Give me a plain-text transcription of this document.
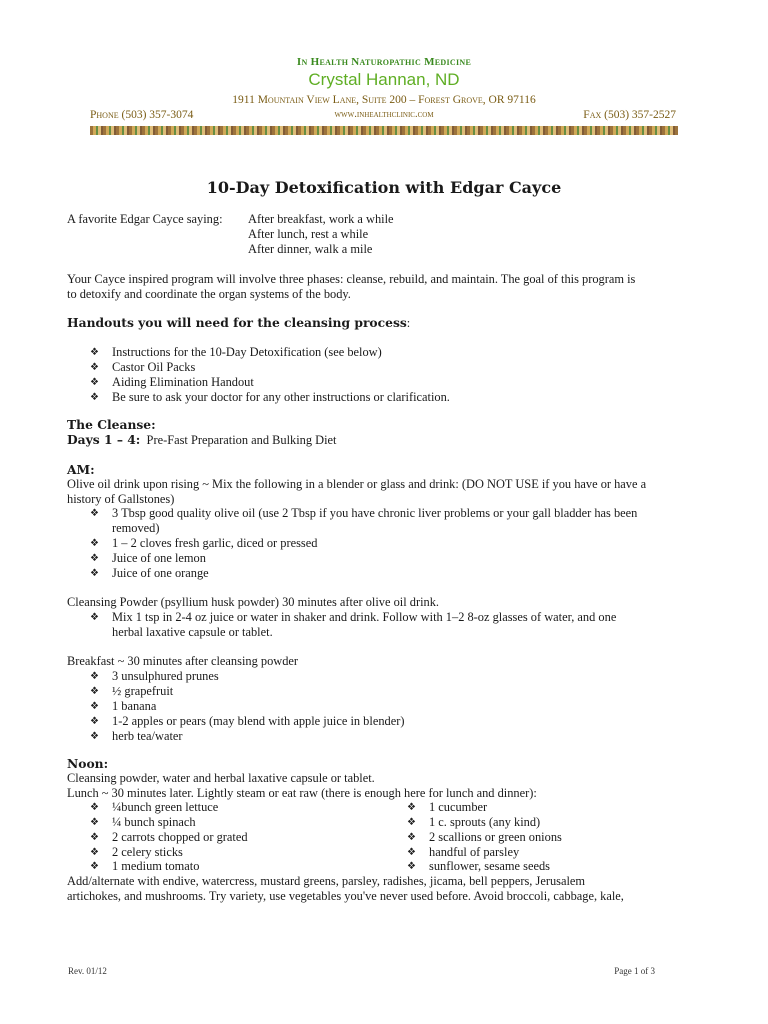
In Health Naturopathic Medicine
Crystal Hannan, ND
1911 Mountain View Lane, Suite 200 – Forest Grove, OR 97116
Phone (503) 357-3074	www.inhealthclinic.com	Fax (503) 357-2527
10-Day Detoxification with Edgar Cayce
A favorite Edgar Cayce saying: After breakfast, work a while
After lunch, rest a while
After dinner, walk a mile
Your Cayce inspired program will involve three phases: cleanse, rebuild, and maintain. The goal of this program is
to detoxify and coordinate the organ systems of the body.
Handouts you will need for the cleansing process:
❖ Instructions for the 10-Day Detoxification (see below)
❖ Castor Oil Packs
❖ Aiding Elimination Handout
❖ Be sure to ask your doctor for any other instructions or clarification.
The Cleanse:
Days 1 – 4: Pre-Fast Preparation and Bulking Diet
AM:
Olive oil drink upon rising ~ Mix the following in a blender or glass and drink: (DO NOT USE if you have or have a
history of Gallstones)
❖ 3 Tbsp good quality olive oil (use 2 Tbsp if you have chronic liver problems or your gall bladder has been
removed)
❖ 1 – 2 cloves fresh garlic, diced or pressed
❖ Juice of one lemon
❖ Juice of one orange
Cleansing Powder (psyllium husk powder) 30 minutes after olive oil drink.
❖ Mix 1 tsp in 2-4 oz juice or water in shaker and drink. Follow with 1–2 8-oz glasses of water, and one
herbal laxative capsule or tablet.
Breakfast ~ 30 minutes after cleansing powder
❖ 3 unsulphured prunes
❖ ½ grapefruit
❖ 1 banana
❖ 1-2 apples or pears (may blend with apple juice in blender)
❖ herb tea/water
Noon:
Cleansing powder, water and herbal laxative capsule or tablet.
Lunch ~ 30 minutes later. Lightly steam or eat raw (there is enough here for lunch and dinner):
❖ ¼bunch green lettuce
❖ ¼ bunch spinach
❖ 2 carrots chopped or grated
❖ 2 celery sticks
❖ 1 medium tomato
❖ 1 cucumber
❖ 1 c. sprouts (any kind)
❖ 2 scallions or green onions
❖ handful of parsley
❖ sunflower, sesame seeds
Add/alternate with endive, watercress, mustard greens, parsley, radishes, jicama, bell peppers, Jerusalem
artichokes, and mushrooms. Try variety, use vegetables you've never used before. Avoid broccoli, cabbage, kale,
Rev. 01/12	Page 1 of 3
